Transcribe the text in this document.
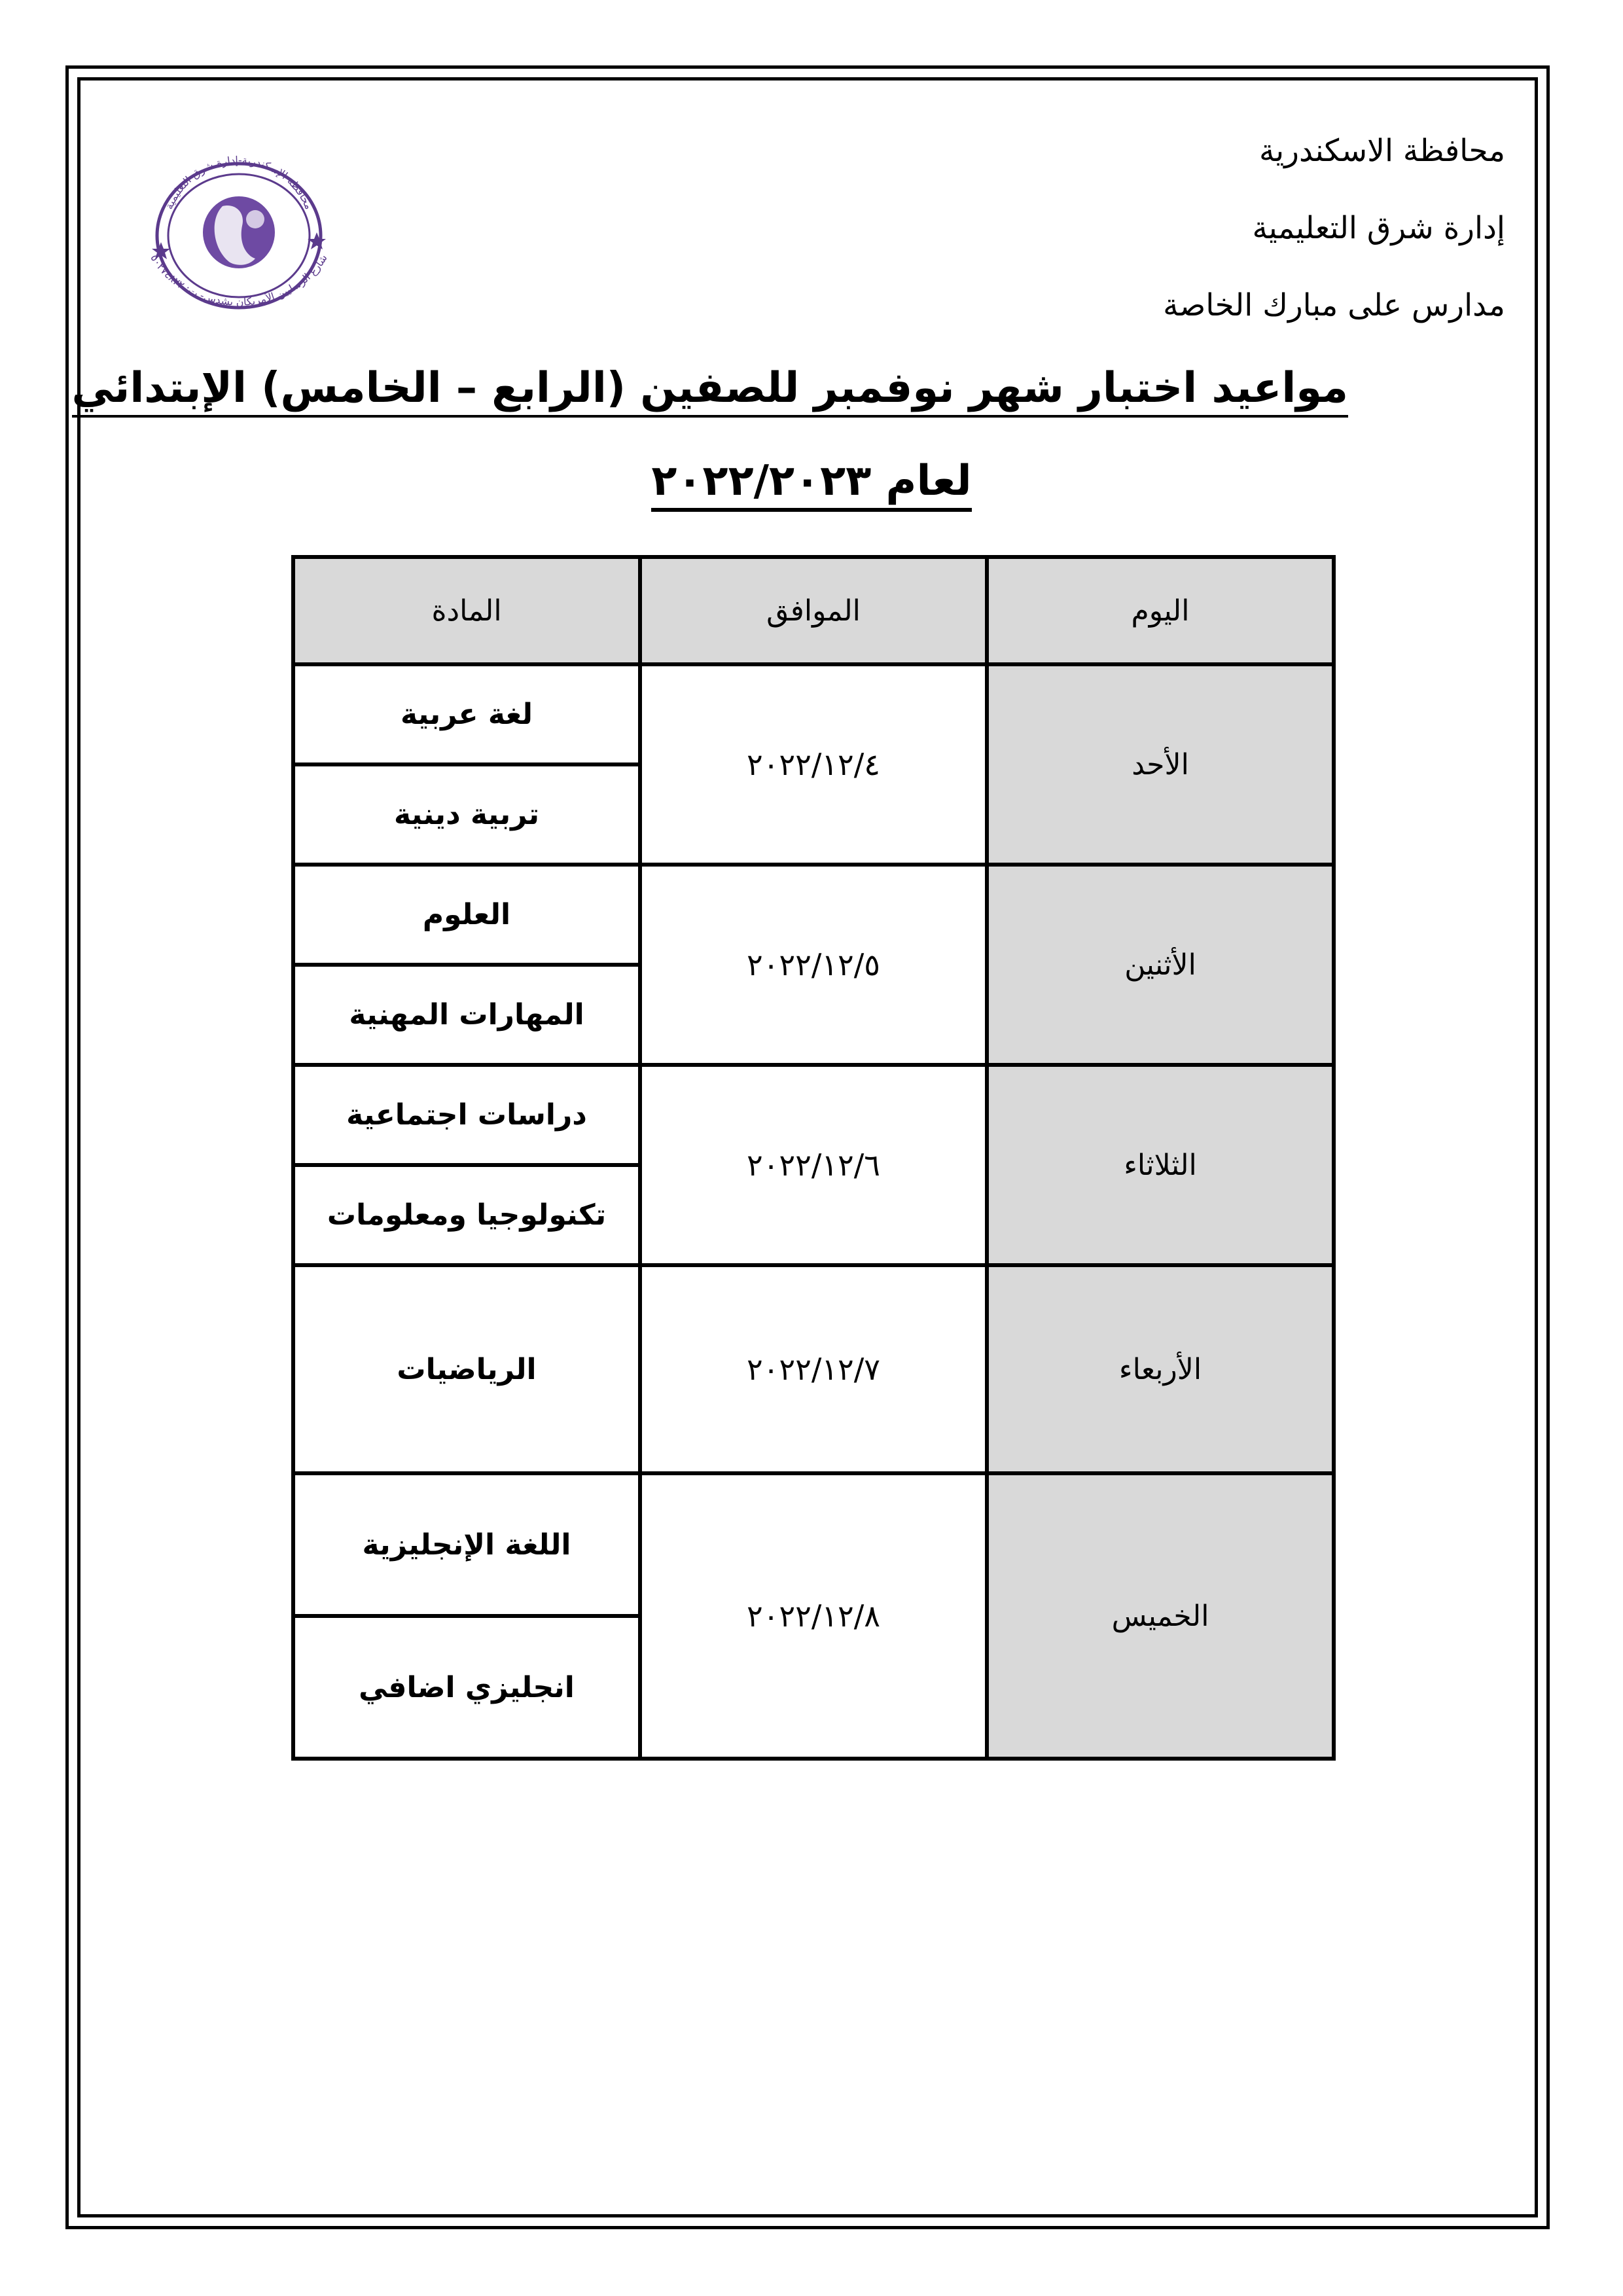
محافظة الاسكندرية
إدارة شرق التعليمية
مدارس على مبارك الخاصة
محافظة الإسكندرية-إدارة شرق التعليمية
شارع الرسليين الأمريكان بشدس- ت: ٥٠٢٧٤٨٢٢
مواعيد اختبار شهر نوفمبر للصفين (الرابع – الخامس) الإبتدائي
لعام ٢٠٢٢/٢٠٢٣
اليوم	الموافق	المادة
الأحد	٢٠٢٢/١٢/٤	لغة عربية
		تربية دينية
الأثنين	٢٠٢٢/١٢/٥	العلوم
		المهارات المهنية
الثلاثاء	٢٠٢٢/١٢/٦	دراسات اجتماعية
		تكنولوجيا ومعلومات
الأربعاء	٢٠٢٢/١٢/٧	الرياضيات
الخميس	٢٠٢٢/١٢/٨	اللغة الإنجليزية
		انجليزي اضافي
